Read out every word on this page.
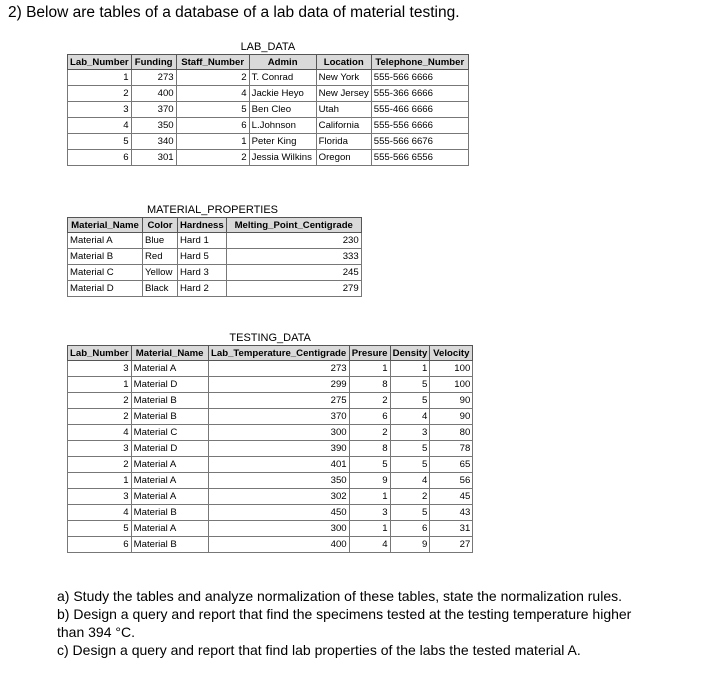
2) Below are tables of a database of a lab data of material testing.
LAB_DATA
Lab_Number	Funding	Staff_Number	Admin	Location	Telephone_Number
1	273	2	T. Conrad	New York	555-566 6666
2	400	4	Jackie Heyo	New Jersey	555-366 6666
3	370	5	Ben Cleo	Utah	555-466 6666
4	350	6	L.Johnson	California	555-556 6666
5	340	1	Peter King	Florida	555-566 6676
6	301	2	Jessia Wilkins	Oregon	555-566 6556
MATERIAL_PROPERTIES
Material_Name	Color	Hardness	Melting_Point_Centigrade
Material A	Blue	Hard 1	230
Material B	Red	Hard 5	333
Material C	Yellow	Hard 3	245
Material D	Black	Hard 2	279
TESTING_DATA
Lab_Number	Material_Name	Lab_Temperature_Centigrade	Presure	Density	Velocity
3	Material A	273	1	1	100
1	Material D	299	8	5	100
2	Material B	275	2	5	90
2	Material B	370	6	4	90
4	Material C	300	2	3	80
3	Material D	390	8	5	78
2	Material A	401	5	5	65
1	Material A	350	9	4	56
3	Material A	302	1	2	45
4	Material B	450	3	5	43
5	Material A	300	1	6	31
6	Material B	400	4	9	27
a) Study the tables and analyze normalization of these tables, state the normalization rules.
b) Design a query and report that find the specimens tested at the testing temperature higher
than 394 °C.
c) Design a query and report that find lab properties of the labs the tested material A.
